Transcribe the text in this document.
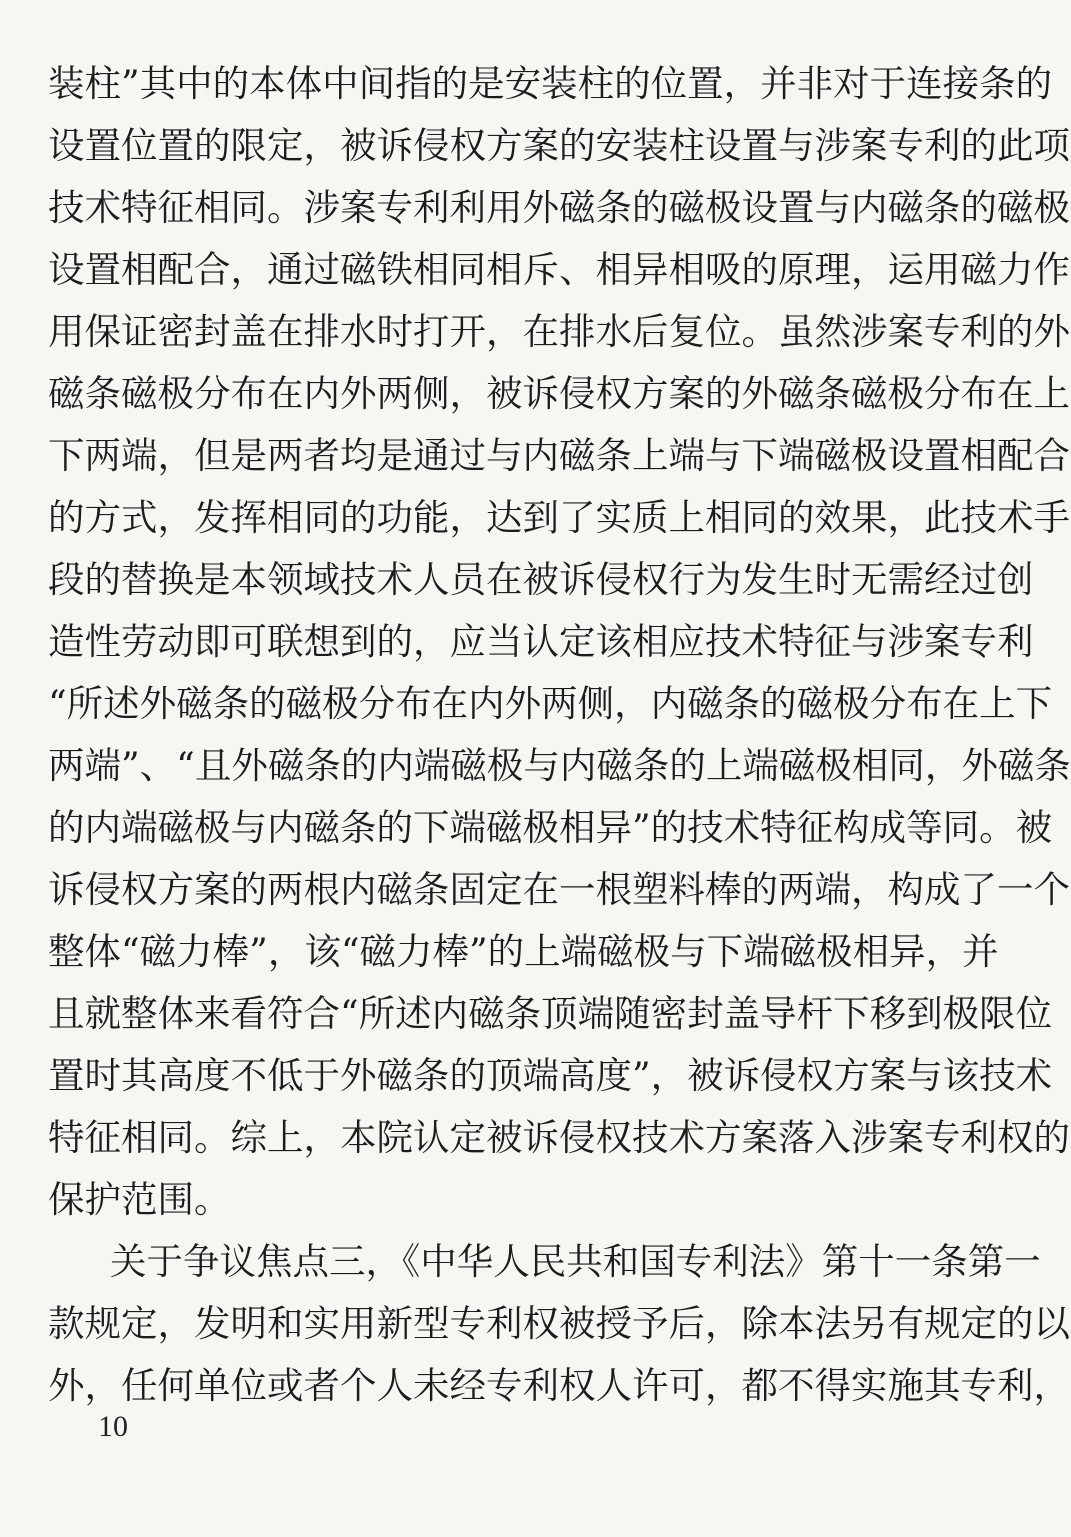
装柱”其中的本体中间指的是安装柱的位置，并非对于连接条的
设置位置的限定，被诉侵权方案的安装柱设置与涉案专利的此项
技术特征相同。涉案专利利用外磁条的磁极设置与内磁条的磁极
设置相配合，通过磁铁相同相斥、相异相吸的原理，运用磁力作
用保证密封盖在排水时打开，在排水后复位。虽然涉案专利的外
磁条磁极分布在内外两侧，被诉侵权方案的外磁条磁极分布在上
下两端，但是两者均是通过与内磁条上端与下端磁极设置相配合
的方式，发挥相同的功能，达到了实质上相同的效果，此技术手
段的替换是本领域技术人员在被诉侵权行为发生时无需经过创
造性劳动即可联想到的，应当认定该相应技术特征与涉案专利
“所述外磁条的磁极分布在内外两侧，内磁条的磁极分布在上下
两端”、“且外磁条的内端磁极与内磁条的上端磁极相同，外磁条
的内端磁极与内磁条的下端磁极相异”的技术特征构成等同。被
诉侵权方案的两根内磁条固定在一根塑料棒的两端，构成了一个
整体“磁力棒”，该“磁力棒”的上端磁极与下端磁极相异，并
且就整体来看符合“所述内磁条顶端随密封盖导杆下移到极限位
置时其高度不低于外磁条的顶端高度”，被诉侵权方案与该技术
特征相同。综上，本院认定被诉侵权技术方案落入涉案专利权的
保护范围。
关于争议焦点三，《中华人民共和国专利法》第十一条第一
款规定，发明和实用新型专利权被授予后，除本法另有规定的以
外，任何单位或者个人未经专利权人许可，都不得实施其专利，
10
